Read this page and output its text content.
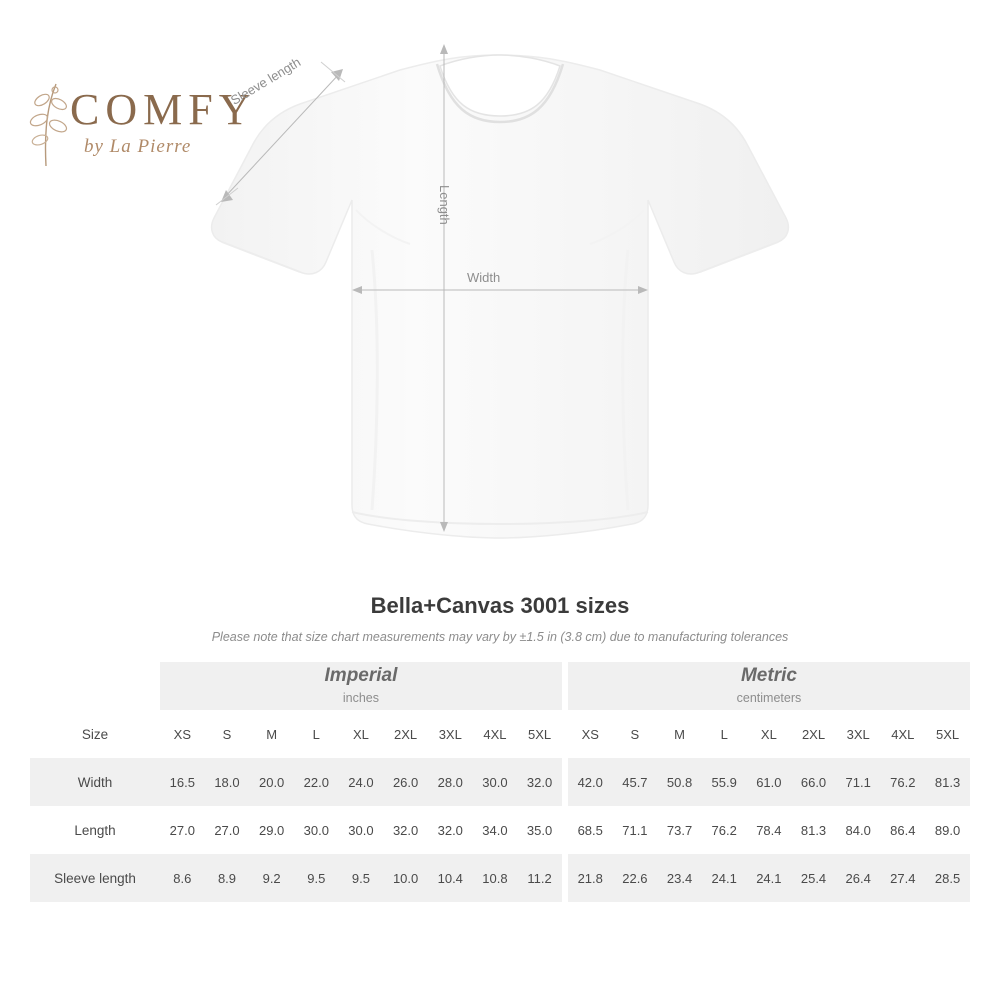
COMFY
by La Pierre
Width
Length
Sleeve length
Bella+Canvas 3001 sizes
Please note that size chart measurements may vary by ±1.5 in (3.8 cm) due to manufacturing tolerances

	Imperial
inches										Metric
centimeters								

Size	XS	S	M	L	XL	2XL	3XL	4XL	5XL		XS	S	M	L	XL	2XL	3XL	4XL	5XL
Width	16.5	18.0	20.0	22.0	24.0	26.0	28.0	30.0	32.0		42.0	45.7	50.8	55.9	61.0	66.0	71.1	76.2	81.3
Length	27.0	27.0	29.0	30.0	30.0	32.0	32.0	34.0	35.0		68.5	71.1	73.7	76.2	78.4	81.3	84.0	86.4	89.0
Sleeve length	8.6	8.9	9.2	9.5	9.5	10.0	10.4	10.8	11.2		21.8	22.6	23.4	24.1	24.1	25.4	26.4	27.4	28.5
